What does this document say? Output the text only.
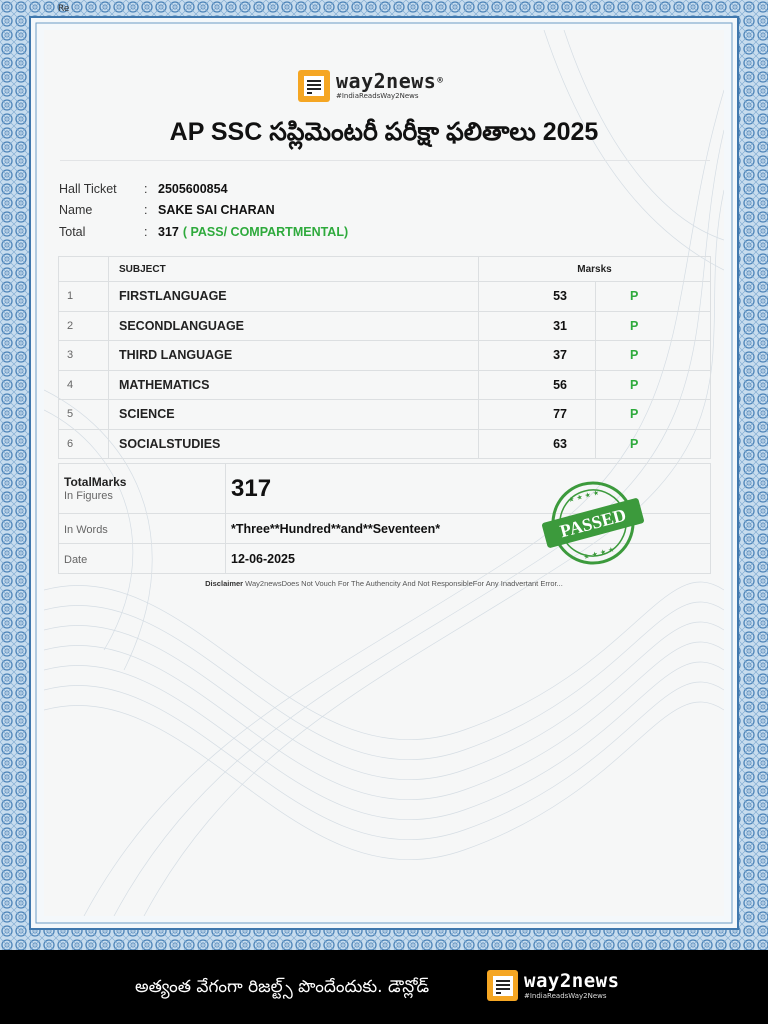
Re
way2news®
#IndiaReadsWay2News
AP SSC సప్లిమెంటరీ పరీక్షా ఫలితాలు 2025
Hall Ticket	: 2505600854
Name	: SAKE SAI CHARAN
Total	: 317 ( PASS/ COMPARTMENTAL)
	SUBJECT	Marsks	
1	FIRSTLANGUAGE	53	P
2	SECONDLANGUAGE	31	P
3	THIRD LANGUAGE	37	P
4	MATHEMATICS	56	P
5	SCIENCE	77	P
6	SOCIALSTUDIES	63	P
TotalMarks
In Figures	317
In Words	*Three**Hundred**and**Seventeen*
Date	12-06-2025
★ ★ ★ ★
★ ★ ★ ★
PASSED
Disclaimer Way2newsDoes Not Vouch For The Authencity And Not ResponsibleFor Any Inadvertant Error...
అత్యంత వేగంగా రిజల్ట్స్ పొందేందుకు. డౌన్లోడ్	way2news
#IndiaReadsWay2News
